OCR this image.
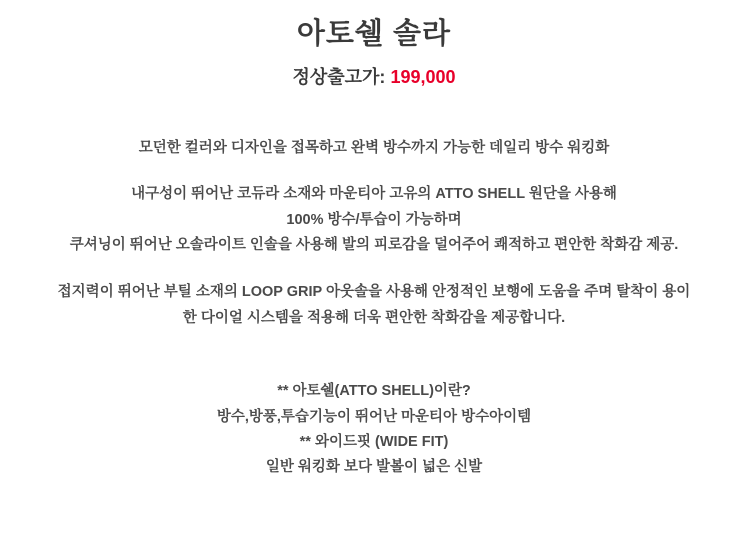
아토쉘 솔라
정상출고가: 199,000
모던한 컬러와 디자인을 접목하고 완벽 방수까지 가능한 데일리 방수 워킹화
내구성이 뛰어난 코듀라 소재와 마운티아 고유의 ATTO SHELL 원단을 사용해
100% 방수/투습이 가능하며
쿠셔닝이 뛰어난 오솔라이트 인솔을 사용해 발의 피로감을 덜어주어 쾌적하고 편안한 착화감 제공.
접지력이 뛰어난 부틸 소재의 LOOP GRIP 아웃솔을 사용해 안정적인 보행에 도움을 주며 탈착이 용이
한 다이얼 시스템을 적용해 더욱 편안한 착화감을 제공합니다.
** 아토쉘(ATTO SHELL)이란?
방수,방풍,투습기능이 뛰어난 마운티아 방수아이템
** 와이드핏 (WIDE FIT)
일반 워킹화 보다 발볼이 넓은 신발
